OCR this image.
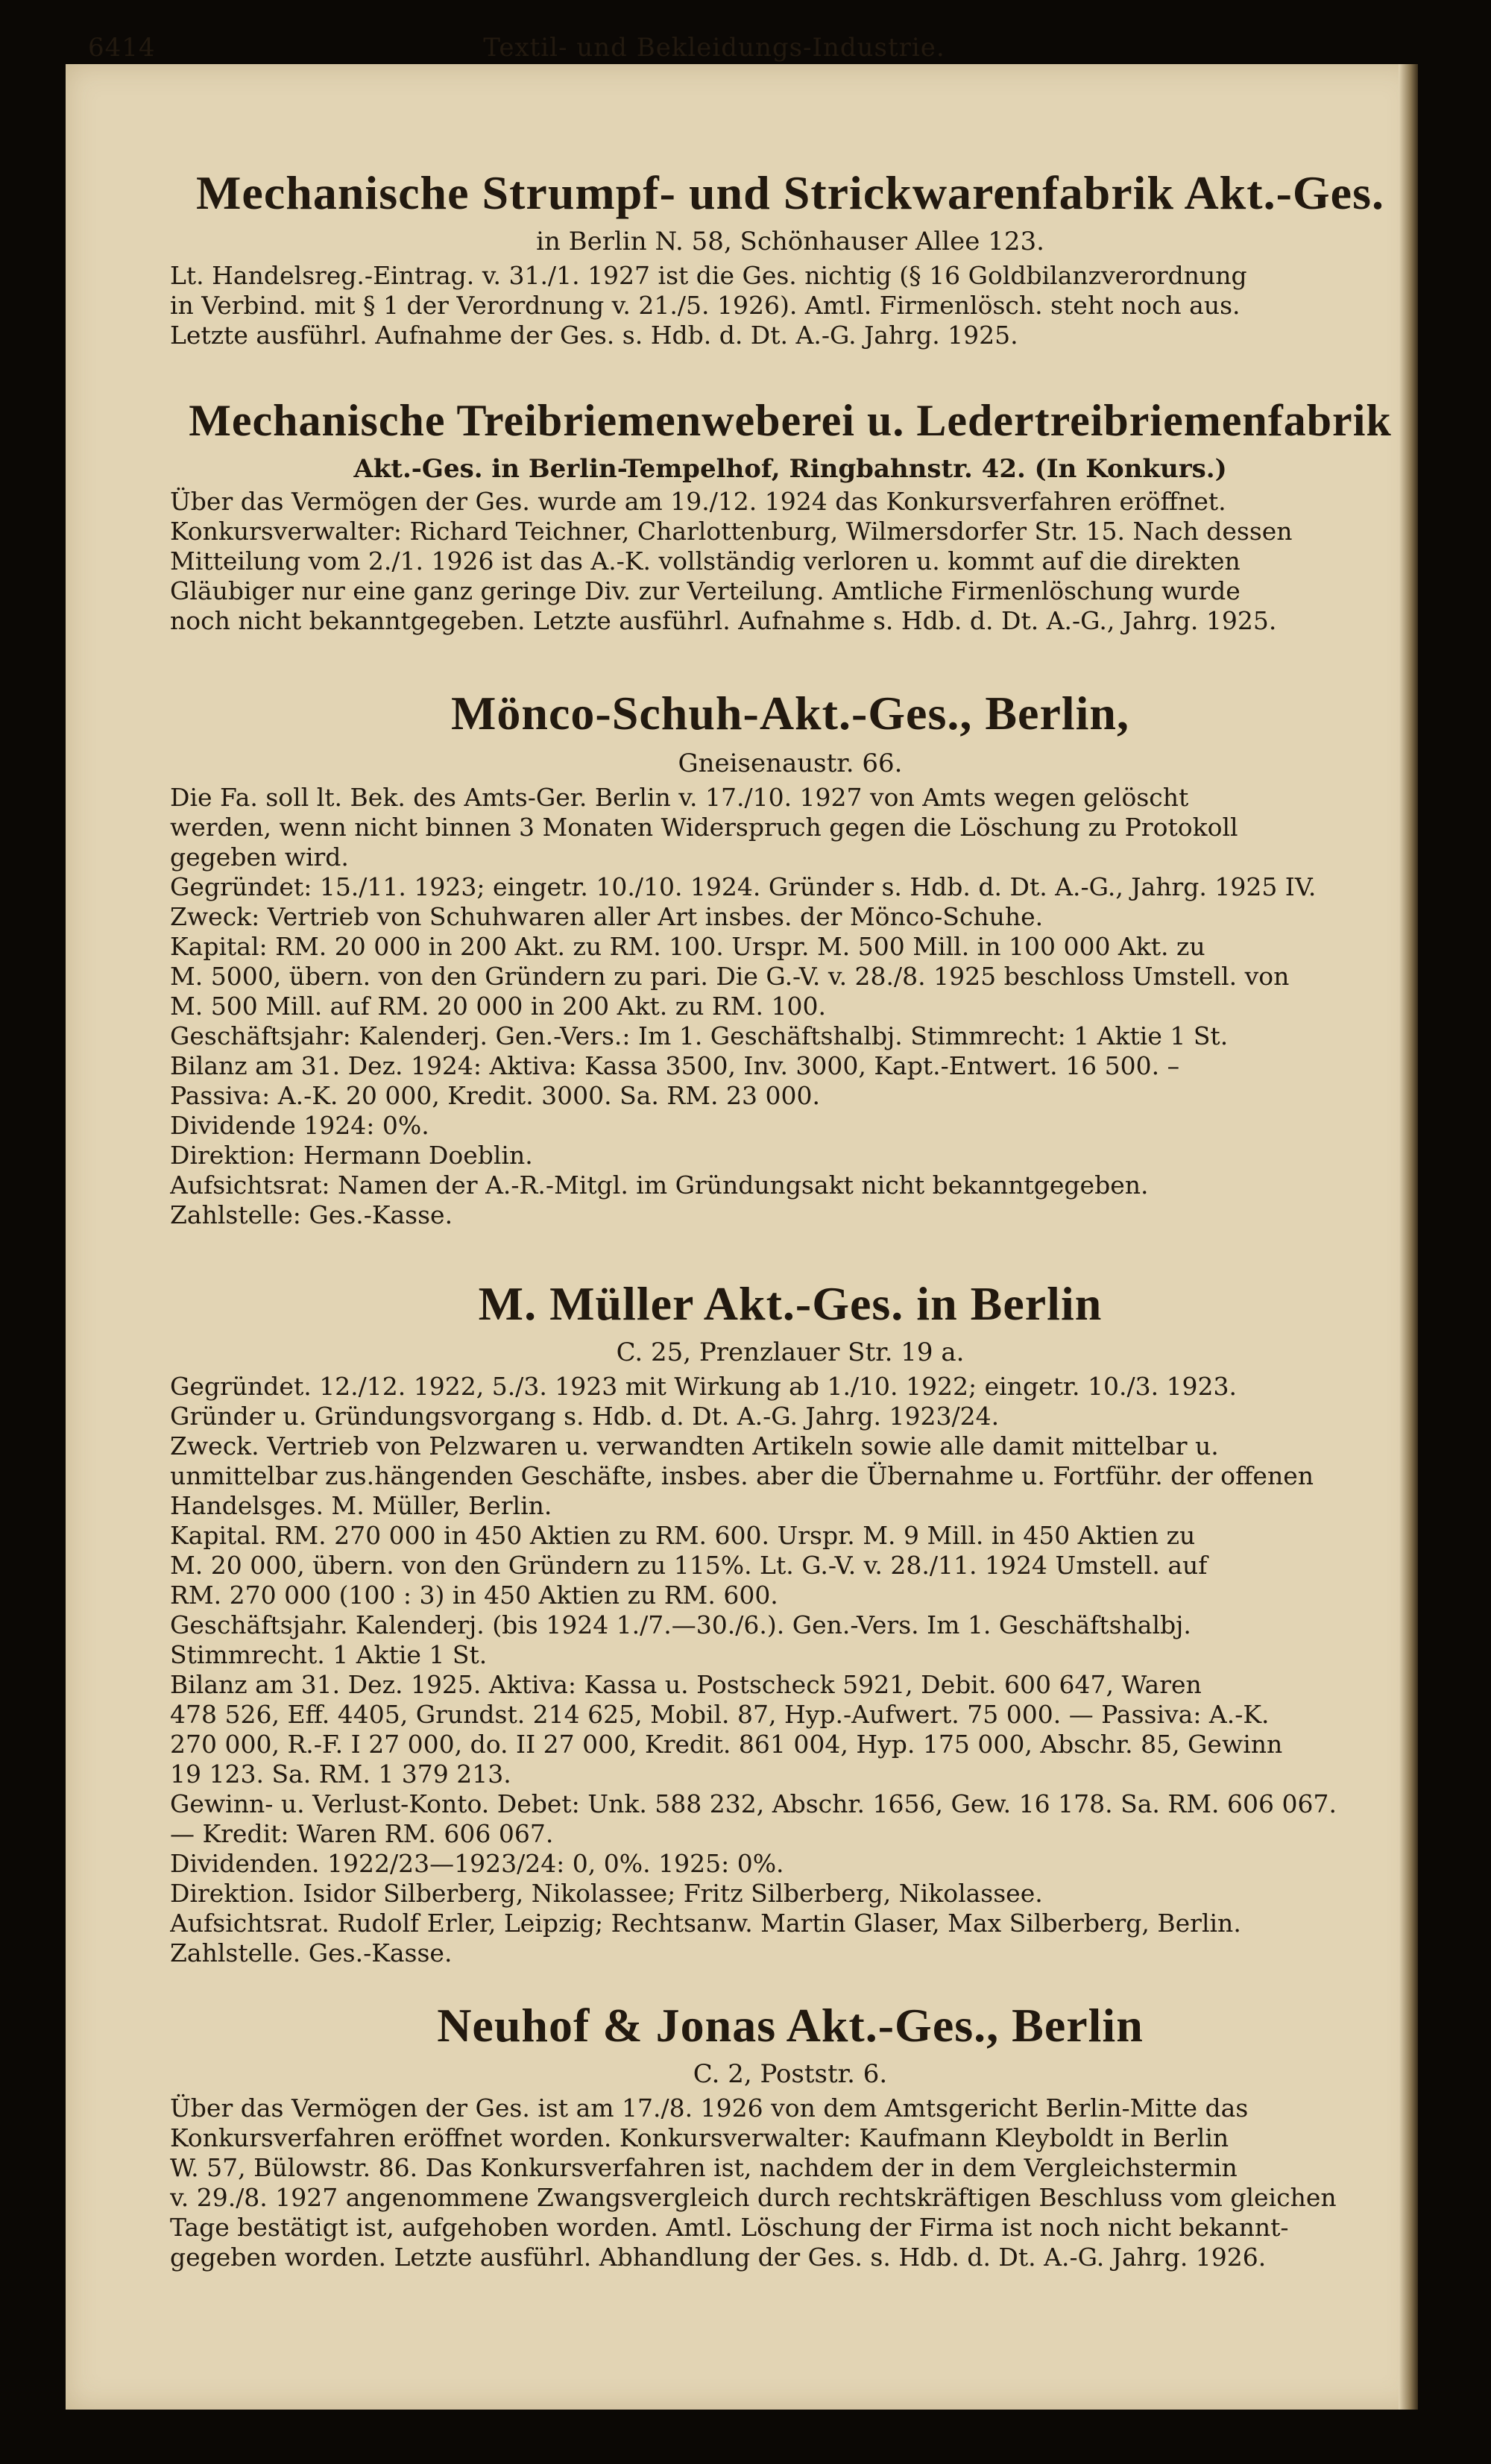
6414	Textil- und Bekleidungs-Industrie.
Mechanische Strumpf- und Strickwarenfabrik Akt.-Ges.
in Berlin N. 58, Schönhauser Allee 123.
Lt. Handelsreg.-Eintrag. v. 31./1. 1927 ist die Ges. nichtig (§ 16 Goldbilanzverordnung
in Verbind. mit § 1 der Verordnung v. 21./5. 1926). Amtl. Firmenlösch. steht noch aus.
Letzte ausführl. Aufnahme der Ges. s. Hdb. d. Dt. A.-G. Jahrg. 1925.
Mechanische Treibriemenweberei u. Ledertreibriemenfabrik
Akt.-Ges. in Berlin-Tempelhof, Ringbahnstr. 42. (In Konkurs.)
Über das Vermögen der Ges. wurde am 19./12. 1924 das Konkursverfahren eröffnet.
Konkursverwalter: Richard Teichner, Charlottenburg, Wilmersdorfer Str. 15. Nach dessen
Mitteilung vom 2./1. 1926 ist das A.-K. vollständig verloren u. kommt auf die direkten
Gläubiger nur eine ganz geringe Div. zur Verteilung. Amtliche Firmenlöschung wurde
noch nicht bekanntgegeben. Letzte ausführl. Aufnahme s. Hdb. d. Dt. A.-G., Jahrg. 1925.
Mönco-Schuh-Akt.-Ges., Berlin,
Gneisenaustr. 66.
Die Fa. soll lt. Bek. des Amts-Ger. Berlin v. 17./10. 1927 von Amts wegen gelöscht
werden, wenn nicht binnen 3 Monaten Widerspruch gegen die Löschung zu Protokoll
gegeben wird.
Gegründet: 15./11. 1923; eingetr. 10./10. 1924. Gründer s. Hdb. d. Dt. A.-G., Jahrg. 1925 IV.
Zweck: Vertrieb von Schuhwaren aller Art insbes. der Mönco-Schuhe.
Kapital: RM. 20 000 in 200 Akt. zu RM. 100. Urspr. M. 500 Mill. in 100 000 Akt. zu
M. 5000, übern. von den Gründern zu pari. Die G.-V. v. 28./8. 1925 beschloss Umstell. von
M. 500 Mill. auf RM. 20 000 in 200 Akt. zu RM. 100.
Geschäftsjahr: Kalenderj. Gen.-Vers.: Im 1. Geschäftshalbj. Stimmrecht: 1 Aktie 1 St.
Bilanz am 31. Dez. 1924: Aktiva: Kassa 3500, Inv. 3000, Kapt.-Entwert. 16 500. –
Passiva: A.-K. 20 000, Kredit. 3000. Sa. RM. 23 000.
Dividende 1924: 0%.
Direktion: Hermann Doeblin.
Aufsichtsrat: Namen der A.-R.-Mitgl. im Gründungsakt nicht bekanntgegeben.
Zahlstelle: Ges.-Kasse.
M. Müller Akt.-Ges. in Berlin
C. 25, Prenzlauer Str. 19 a.
Gegründet. 12./12. 1922, 5./3. 1923 mit Wirkung ab 1./10. 1922; eingetr. 10./3. 1923.
Gründer u. Gründungsvorgang s. Hdb. d. Dt. A.-G. Jahrg. 1923/24.
Zweck. Vertrieb von Pelzwaren u. verwandten Artikeln sowie alle damit mittelbar u.
unmittelbar zus.hängenden Geschäfte, insbes. aber die Übernahme u. Fortführ. der offenen
Handelsges. M. Müller, Berlin.
Kapital. RM. 270 000 in 450 Aktien zu RM. 600. Urspr. M. 9 Mill. in 450 Aktien zu
M. 20 000, übern. von den Gründern zu 115%. Lt. G.-V. v. 28./11. 1924 Umstell. auf
RM. 270 000 (100 : 3) in 450 Aktien zu RM. 600.
Geschäftsjahr. Kalenderj. (bis 1924 1./7.—30./6.). Gen.-Vers. Im 1. Geschäftshalbj.
Stimmrecht. 1 Aktie 1 St.
Bilanz am 31. Dez. 1925. Aktiva: Kassa u. Postscheck 5921, Debit. 600 647, Waren
478 526, Eff. 4405, Grundst. 214 625, Mobil. 87, Hyp.-Aufwert. 75 000. — Passiva: A.-K.
270 000, R.-F. I 27 000, do. II 27 000, Kredit. 861 004, Hyp. 175 000, Abschr. 85, Gewinn
19 123. Sa. RM. 1 379 213.
Gewinn- u. Verlust-Konto. Debet: Unk. 588 232, Abschr. 1656, Gew. 16 178. Sa. RM. 606 067.
— Kredit: Waren RM. 606 067.
Dividenden. 1922/23—1923/24: 0, 0%. 1925: 0%.
Direktion. Isidor Silberberg, Nikolassee; Fritz Silberberg, Nikolassee.
Aufsichtsrat. Rudolf Erler, Leipzig; Rechtsanw. Martin Glaser, Max Silberberg, Berlin.
Zahlstelle. Ges.-Kasse.
Neuhof & Jonas Akt.-Ges., Berlin
C. 2, Poststr. 6.
Über das Vermögen der Ges. ist am 17./8. 1926 von dem Amtsgericht Berlin-Mitte das
Konkursverfahren eröffnet worden. Konkursverwalter: Kaufmann Kleyboldt in Berlin
W. 57, Bülowstr. 86. Das Konkursverfahren ist, nachdem der in dem Vergleichstermin
v. 29./8. 1927 angenommene Zwangsvergleich durch rechtskräftigen Beschluss vom gleichen
Tage bestätigt ist, aufgehoben worden. Amtl. Löschung der Firma ist noch nicht bekannt-
gegeben worden. Letzte ausführl. Abhandlung der Ges. s. Hdb. d. Dt. A.-G. Jahrg. 1926.
